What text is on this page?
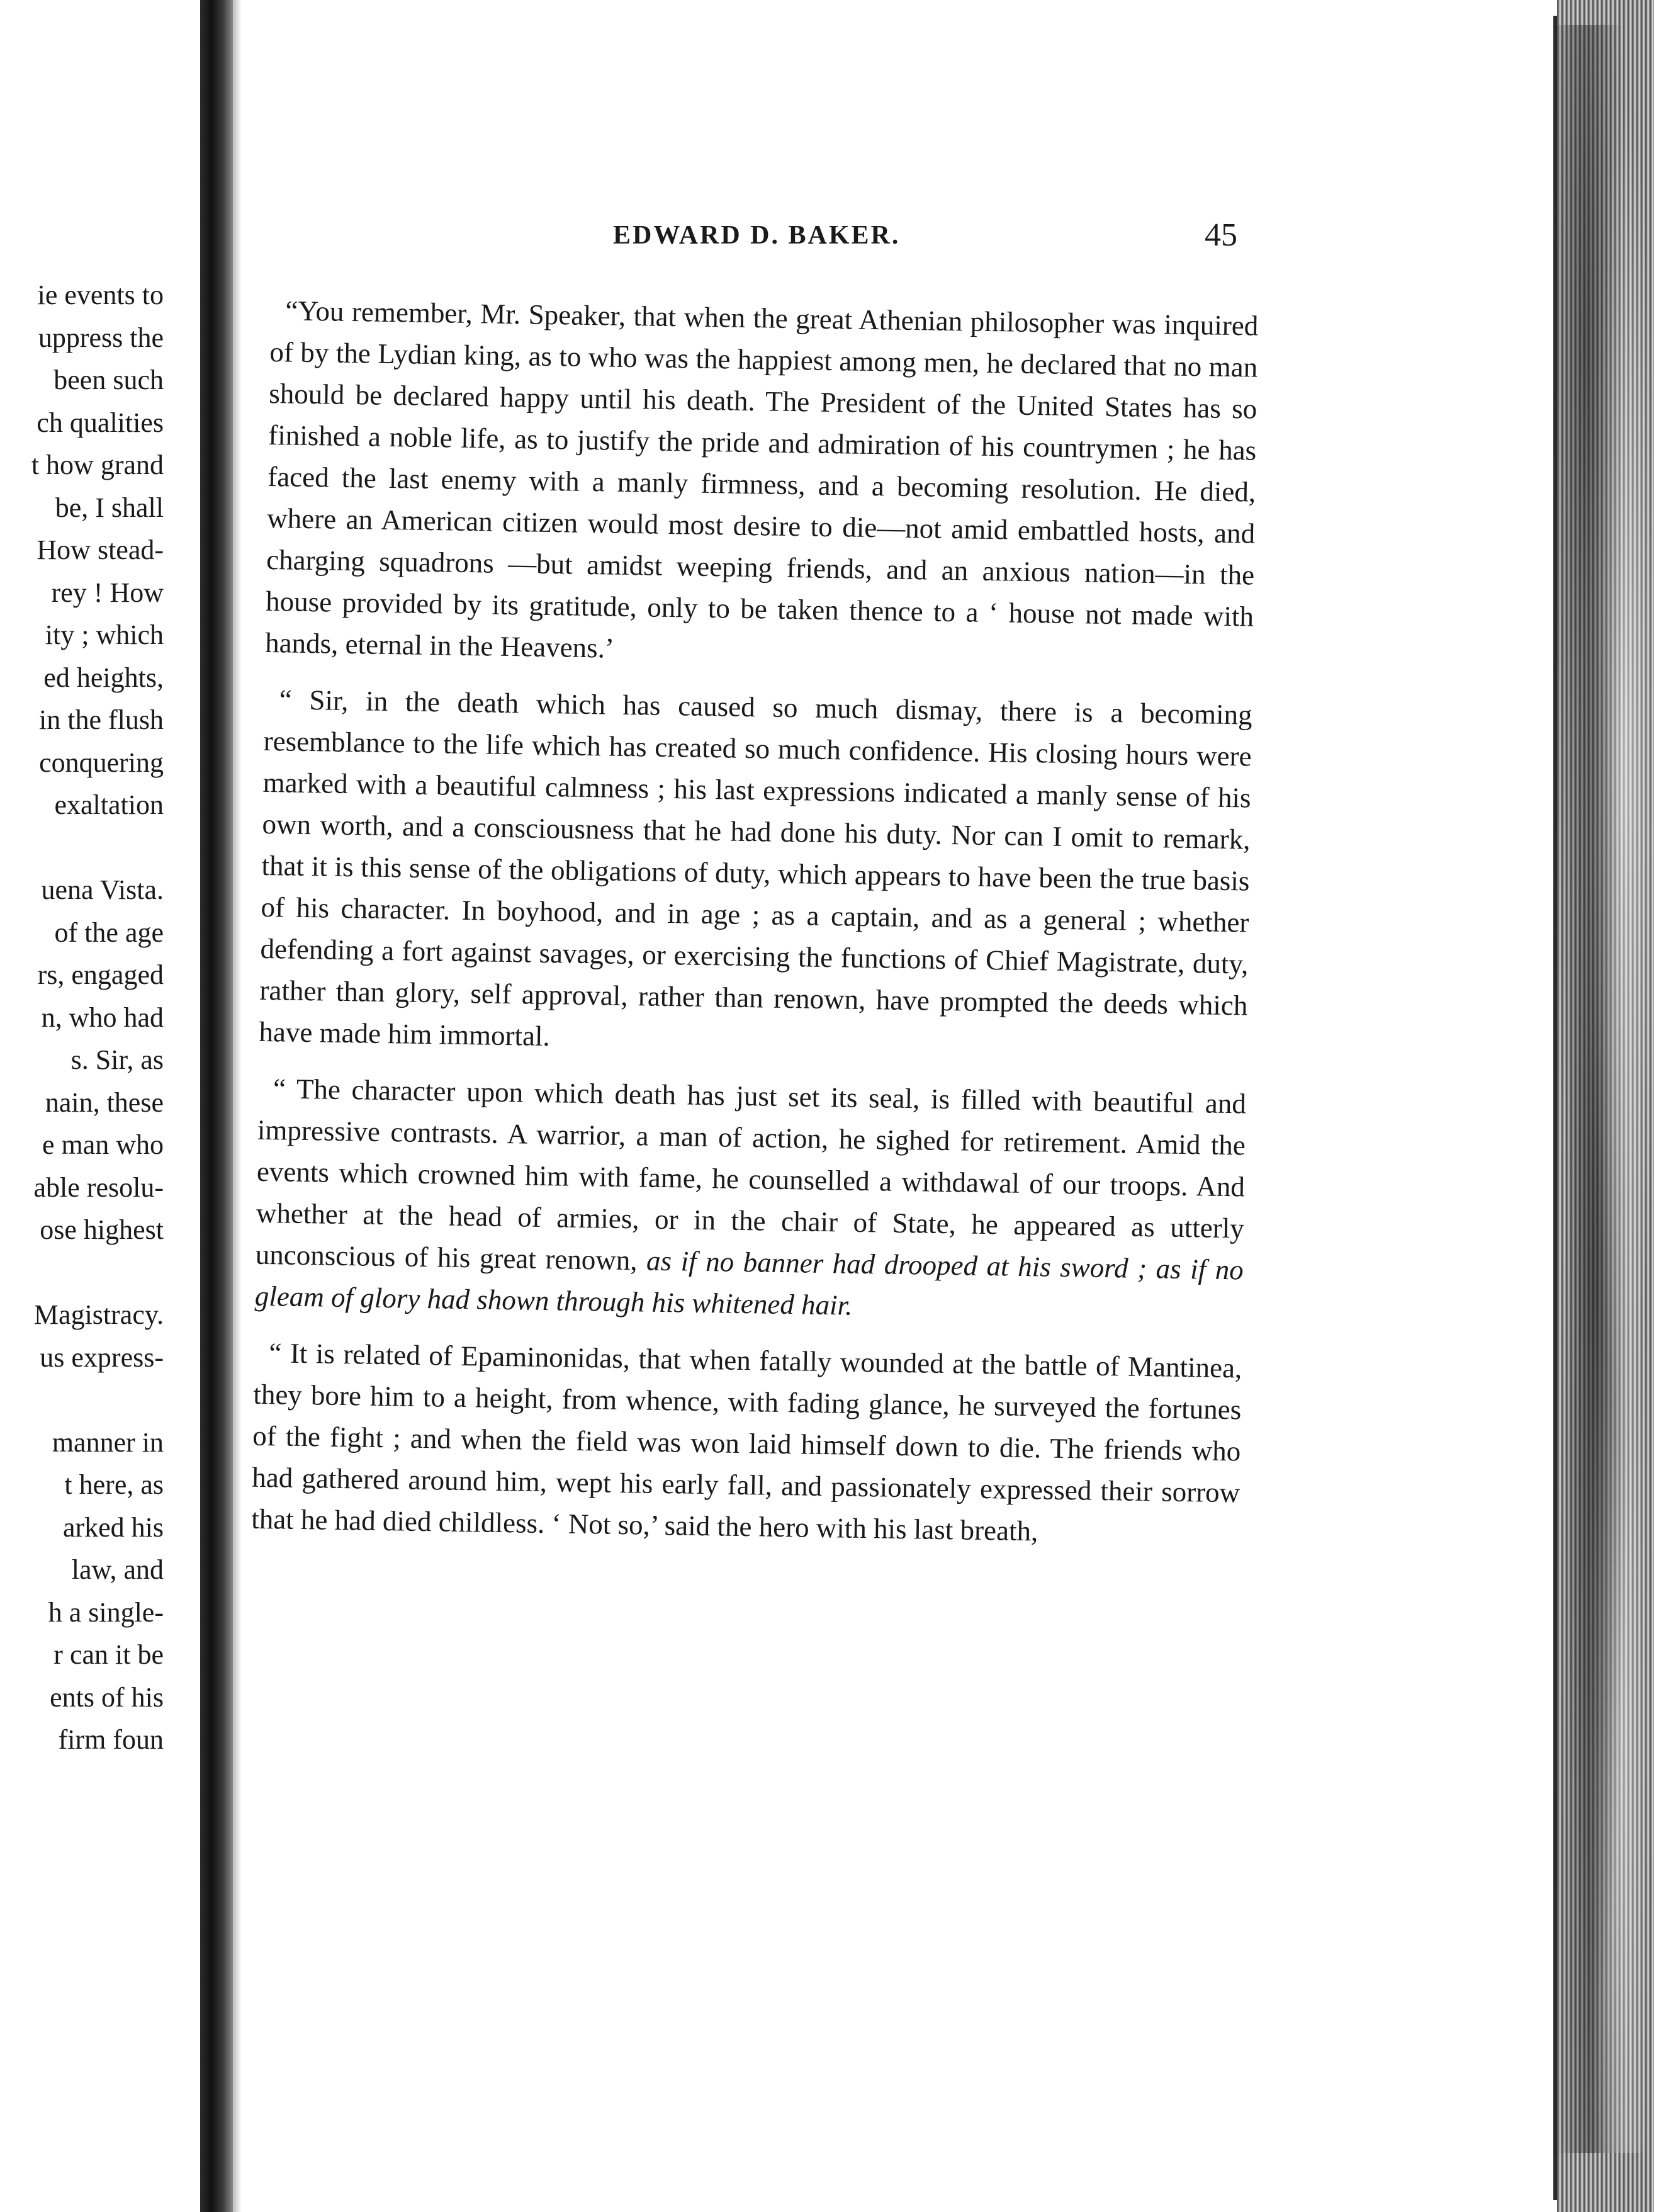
ie events to
uppress the
been such
ch qualities
t how grand
be, I shall
How stead-
rey ! How
ity ; which
ed heights,
in the flush
conquering
exaltation
uena Vista.
of the age
rs, engaged
n, who had
s. Sir, as
nain, these
e man who
able resolu-
ose highest
Magistracy.
us express-
manner in
t here, as
arked his
law, and
h a single-
r can it be
ents of his
firm foun
EDWARD D. BAKER.	45

“You remember, Mr. Speaker, that when the great Athenian philosopher was inquired of by the Lydian king, as to who was the happiest among men, he declared that no man should be declared happy until his death. The President of the United States has so finished a noble life, as to justify the pride and admiration of his countrymen ; he has faced the last enemy with a manly firmness, and a becoming resolution. He died, where an American citizen would most desire to die—not amid embattled hosts, and charging squadrons —but amidst weeping friends, and an anxious nation—in the house provided by its gratitude, only to be taken thence to a ‘ house not made with hands, eternal in the Heavens.’

“ Sir, in the death which has caused so much dismay, there is a becoming resemblance to the life which has created so much confidence. His closing hours were marked with a beautiful calmness ; his last expressions indicated a manly sense of his own worth, and a consciousness that he had done his duty. Nor can I omit to remark, that it is this sense of the obligations of duty, which appears to have been the true basis of his character. In boyhood, and in age ; as a captain, and as a general ; whether defending a fort against savages, or exercising the functions of Chief Magistrate, duty, rather than glory, self approval, rather than renown, have prompted the deeds which have made him immortal.

“ The character upon which death has just set its seal, is filled with beautiful and impressive contrasts. A warrior, a man of action, he sighed for retirement. Amid the events which crowned him with fame, he counselled a withdawal of our troops. And whether at the head of armies, or in the chair of State, he appeared as utterly unconscious of his great renown, as if no banner had drooped at his sword ; as if no gleam of glory had shown through his whitened hair.

“ It is related of Epaminonidas, that when fatally wounded at the battle of Mantinea, they bore him to a height, from whence, with fading glance, he surveyed the fortunes of the fight ; and when the field was won laid himself down to die. The friends who had gathered around him, wept his early fall, and passionately expressed their sorrow that he had died childless. ‘ Not so,’ said the hero with his last breath,
